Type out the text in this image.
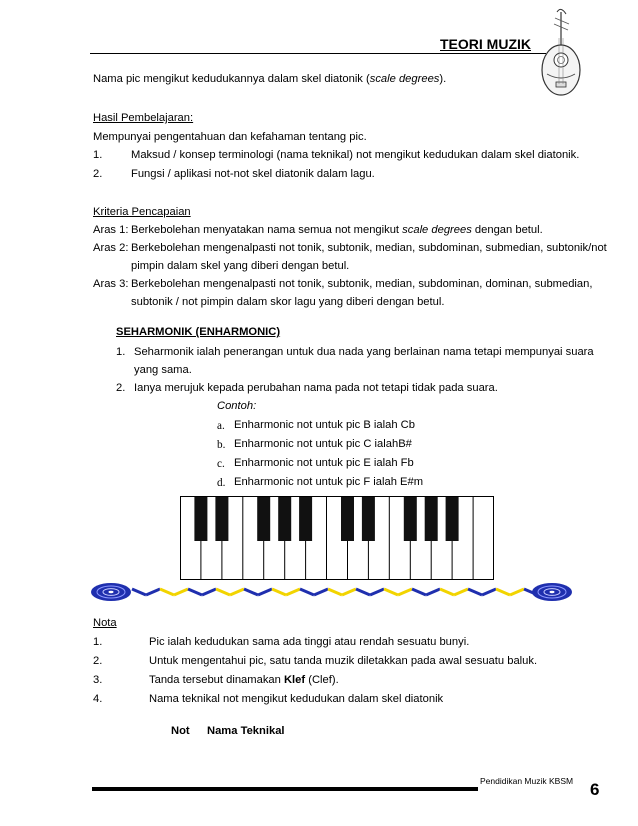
TEORI MUZIK
Nama pic mengikut kedudukannya dalam skel diatonik (scale degrees).
Hasil Pembelajaran:
Mempunyai pengentahuan dan kefahaman tentang pic.
1.	Maksud / konsep terminologi (nama teknikal) not mengikut kedudukan dalam skel diatonik.
2.	Fungsi / aplikasi not-not skel diatonik dalam lagu.
Kriteria Pencapaian
Aras 1: Berkebolehan menyatakan nama semua not mengikut scale degrees dengan betul.
Aras 2: Berkebolehan mengenalpasti not tonik, subtonik, median, subdominan, submedian, subtonik/not
pimpin dalam skel yang diberi dengan betul.
Aras 3: Berkebolehan mengenalpasti not tonik, subtonik, median, subdominan, dominan, submedian,
subtonik / not pimpin dalam skor lagu yang diberi dengan betul.
SEHARMONIK (ENHARMONIC)
1. Seharmonik ialah penerangan untuk dua nada yang berlainan nama tetapi mempunyai suara
yang sama.
2. Ianya merujuk kepada perubahan nama pada not tetapi tidak pada suara.
Contoh:
a. Enharmonic not untuk pic B ialah Cb
b. Enharmonic not untuk pic C ialahB#
c. Enharmonic not untuk pic E ialah Fb
d. Enharmonic not untuk pic F ialah E#m
Nota
1.	Pic ialah kedudukan sama ada tinggi atau rendah sesuatu bunyi.
2.	Untuk mengentahui pic, satu tanda muzik diletakkan pada awal sesuatu baluk.
3.	Tanda tersebut dinamakan Klef (Clef).
4.	Nama teknikal not mengikut kedudukan dalam skel diatonik
Not Nama Teknikal
Pendidikan Muzik KBSM 6
